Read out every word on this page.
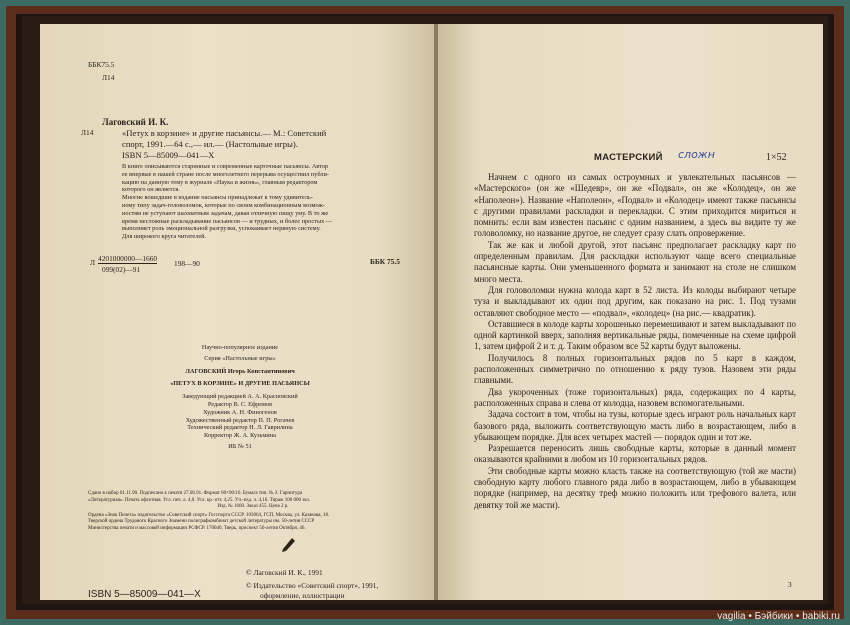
ББК75.5
Л14
Лаговский И. К.
Л14	«Петух в корзине» и другие пасьянсы.— М.: Советский
спорт, 1991.—64 с.,— ил.— (Настольные игры).
ISBN 5—85009—041—X
В книге описываются старинные и современные карточные пасьянсы. Автор
ее впервые в нашей стране после многолетнего перерыва осуществил публи-
кацию на данную тему в журнале «Наука и жизнь», главным редактором
которого он является.
Многие вошедшие в издание пасьянсы принадлежат к тому удивитель-
ному типу задач-головоломок, которые по своим комбинационным возмож-
ностям не уступают шахматным задачам, давая отличную пищу уму. В то же
время несложные раскладывание пасьянсов — и трудных, и более простых —
выполняет роль эмоциональной разгрузки, успокаивает нервную систему.
Для широкого круга читателей.
Л 4201000000—1660
099(02)—91
198—90	ББК 75.5
Научно-популярное издание
Серия «Настольные игры»
ЛАГОВСКИЙ Игорь Константинович
«ПЕТУХ В КОРЗИНЕ» И ДРУГИЕ ПАСЬЯНСЫ
Заведующий редакцией А. А. Красновский
Редактор В. С. Ефремов
Художник А. Н. Финогенов
Художественный редактор П. П. Рогачев
Технический редактор Н. Л. Гаврилина
Корректор Ж. А. Кузьмина
ИБ № 51
Сдано в набор 01.11.90. Подписано к печати 27.06.91. Формат 60×90/16. Бумага тип. № 2. Гарнитура
«Литературная». Печать офсетная. Усл. печ. л. 4,0. Усл. кр.-отт. 4,25. Уч.-изд. л. 4,16. Тираж 100 000 экз.
Изд. № 1660. Заказ 455. Цена 2 р.
Ордена «Знак Почета» издательство «Советский спорт» Госспорта СССР. 103064, ГСП, Москва, ул. Казакова, 18.
Тверской ордена Трудового Красного Знамени полиграфкомбинат детской литературы им. 50-летия СССР
Министерства печати и массовой информации РСФСР. 170040, Тверь, проспект 50-летия Октября, 46.
© Лаговский И. К., 1991
© Издательство «Советский спорт», 1991,
оформление, иллюстрации
ISBN 5—85009—041—X
МАСТЕРСКИЙ сложн	1×52
Начнем с одного из самых остроумных и увлекательных пасьянсов — «Мастерского» (он же «Шедевр», он же «Подвал», он же «Колодец», он же «Наполеон»). Название «Наполеон», «Подвал» и «Колодец» имеют также пасьянсы с другими правилами раскладки и перекладки. С этим приходится мириться и помнить: если вам известен пасьянс с одним названием, а здесь вы видите ту же головоломку, но название другое, не следует сразу слать опровержение.
Так же как и любой другой, этот пасьянс предполагает раскладку карт по определенным правилам. Для раскладки используют чаще всего специальные пасьянсные карты. Они уменьшенного формата и занимают на столе не слишком много места.
Для головоломки нужна колода карт в 52 листа. Из колоды выбирают четыре туза и выкладывают их один под другим, как показано на рис. 1. Под тузами оставляют свободное место — «подвал», «колодец» (на рис.— квадратик).
Оставшиеся в колоде карты хорошенько перемешивают и затем выкладывают по одной картинкой вверх, заполняя вертикальные ряды, помеченные на схеме цифрой 1, затем цифрой 2 и т. д. Таким образом все 52 карты будут выложены.
Получилось 8 полных горизонтальных рядов по 5 карт в каждом, расположенных симметрично по отношению к ряду тузов. Назовем эти ряды главными.
Два укороченных (тоже горизонтальных) ряда, содержащих по 4 карты, расположенных справа и слева от колодца, назовем вспомогательными.
Задача состоит в том, чтобы на тузы, которые здесь играют роль начальных карт базового ряда, выложить соответствующую масть либо в возрастающем, либо в убывающем порядке. Для всех четырех мастей — порядок один и тот же.
Разрешается переносить лишь свободные карты, которые в данный момент оказываются крайними в любом из 10 горизонтальных рядов.
Эти свободные карты можно класть также на соответствующую (той же масти) свободную карту любого главного ряда либо в возрастающем, либо в убывающем порядке (например, на десятку треф можно положить или трефового валета, или девятку той же масти).
3
vagilia • Бэйбики • babiki.ru
